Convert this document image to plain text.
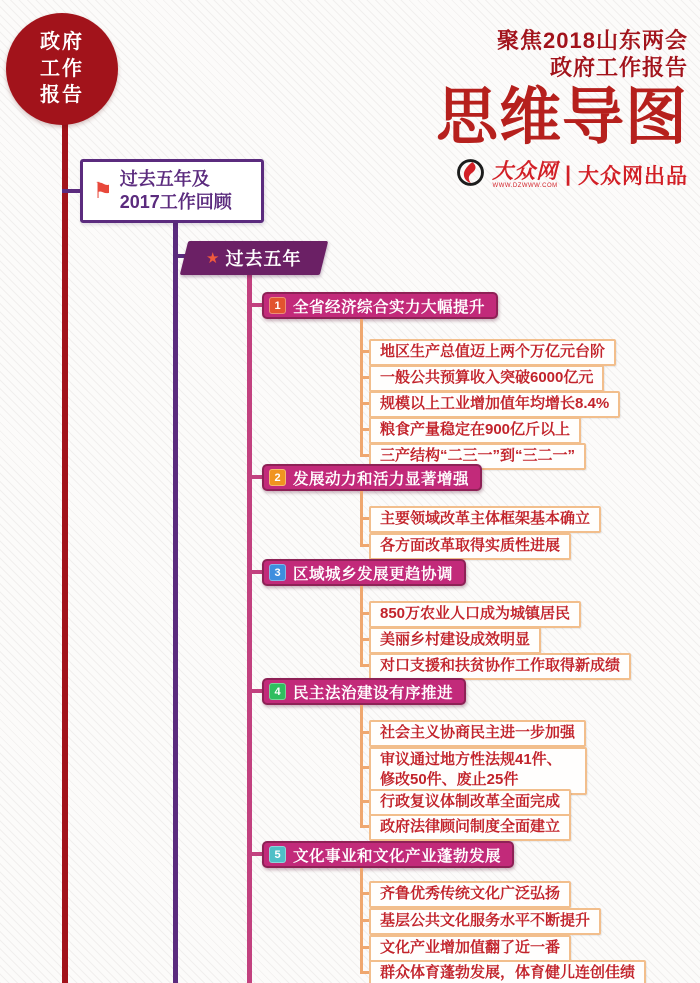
政府
工作
报告
聚焦2018山东两会
政府工作报告
思维导图
大众网
WWW.DZWWW.COM | 大众网出品
⚑ 过去五年及
2017工作回顾
★ 过去五年
1 全省经济综合实力大幅提升
地区生产总值迈上两个万亿元台阶
一般公共预算收入突破6000亿元
规模以上工业增加值年均增长8.4%
粮食产量稳定在900亿斤以上
三产结构“二三一”到“三二一”
2 发展动力和活力显著增强
主要领域改革主体框架基本确立
各方面改革取得实质性进展
3 区域城乡发展更趋协调
850万农业人口成为城镇居民
美丽乡村建设成效明显
对口支援和扶贫协作工作取得新成绩
4 民主法治建设有序推进
社会主义协商民主进一步加强
审议通过地方性法规41件、修改50件、废止25件
行政复议体制改革全面完成
政府法律顾问制度全面建立
5 文化事业和文化产业蓬勃发展
齐鲁优秀传统文化广泛弘扬
基层公共文化服务水平不断提升
文化产业增加值翻了近一番
群众体育蓬勃发展，体育健儿连创佳绩
